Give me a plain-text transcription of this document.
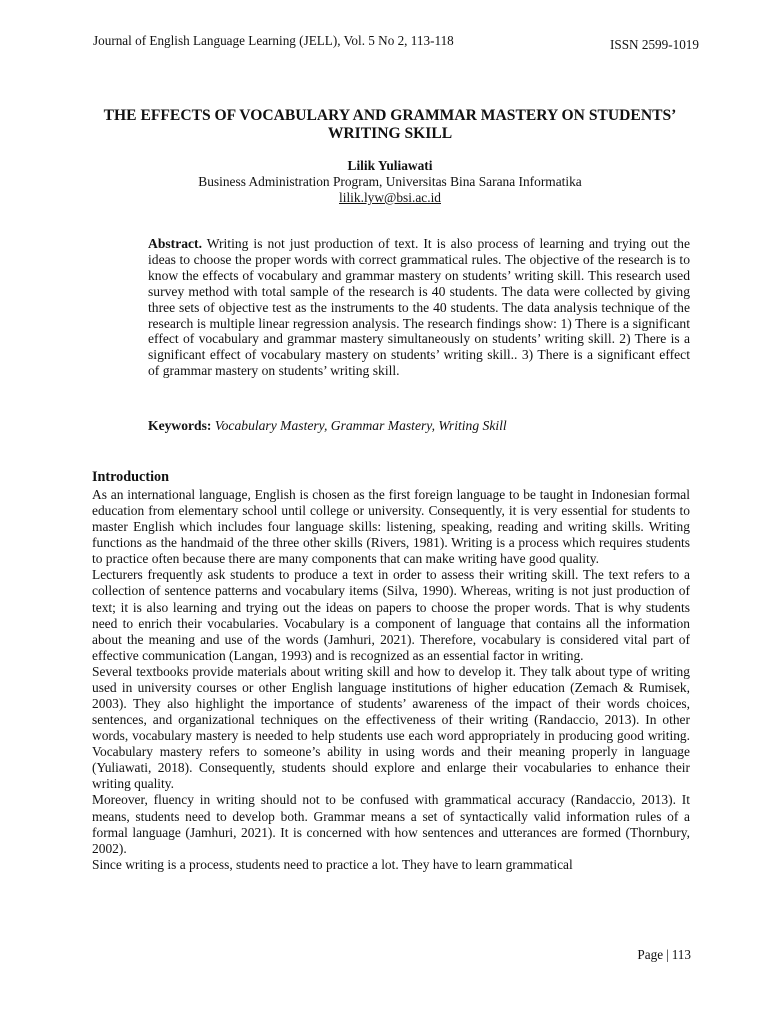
Journal of English Language Learning (JELL), Vol. 5 No 2, 113-118	ISSN 2599-1019
THE EFFECTS OF VOCABULARY AND GRAMMAR MASTERY ON STUDENTS’ WRITING SKILL
Lilik Yuliawati
Business Administration Program, Universitas Bina Sarana Informatika
lilik.lyw@bsi.ac.id

Abstract. Writing is not just production of text. It is also process of learning and trying out the ideas to choose the proper words with correct grammatical rules. The objective of the research is to know the effects of vocabulary and grammar mastery on students’ writing skill. This research used survey method with total sample of the research is 40 students. The data were collected by giving three sets of objective test as the instruments to the 40 students. The data analysis technique of the research is multiple linear regression analysis. The research findings show: 1) There is a significant effect of vocabulary and grammar mastery simultaneously on students’ writing skill. 2) There is a significant effect of vocabulary mastery on students’ writing skill.. 3) There is a significant effect of grammar mastery on students’ writing skill.

Keywords: Vocabulary Mastery, Grammar Mastery, Writing Skill

Introduction

As an international language, English is chosen as the first foreign language to be taught in Indonesian formal education from elementary school until college or university. Consequently, it is very essential for students to master English which includes four language skills: listening, speaking, reading and writing skills. Writing functions as the handmaid of the three other skills (Rivers, 1981). Writing is a process which requires students to practice often because there are many components that can make writing have good quality.

Lecturers frequently ask students to produce a text in order to assess their writing skill. The text refers to a collection of sentence patterns and vocabulary items (Silva, 1990). Whereas, writing is not just production of text; it is also learning and trying out the ideas on papers to choose the proper words. That is why students need to enrich their vocabularies. Vocabulary is a component of language that contains all the information about the meaning and use of the words (Jamhuri, 2021). Therefore, vocabulary is considered vital part of effective communication (Langan, 1993) and is recognized as an essential factor in writing.

Several textbooks provide materials about writing skill and how to develop it. They talk about type of writing used in university courses or other English language institutions of higher education (Zemach & Rumisek, 2003). They also highlight the importance of students’ awareness of the impact of their words choices, sentences, and organizational techniques on the effectiveness of their writing (Randaccio, 2013). In other words, vocabulary mastery is needed to help students use each word appropriately in producing good writing. Vocabulary mastery refers to someone’s ability in using words and their meaning properly in language (Yuliawati, 2018). Consequently, students should explore and enlarge their vocabularies to enhance their writing quality.

Moreover, fluency in writing should not to be confused with grammatical accuracy (Randaccio, 2013). It means, students need to develop both. Grammar means a set of syntactically valid information rules of a formal language (Jamhuri, 2021). It is concerned with how sentences and utterances are formed (Thornbury, 2002).

Since writing is a process, students need to practice a lot. They have to learn grammatical

Page | 113
